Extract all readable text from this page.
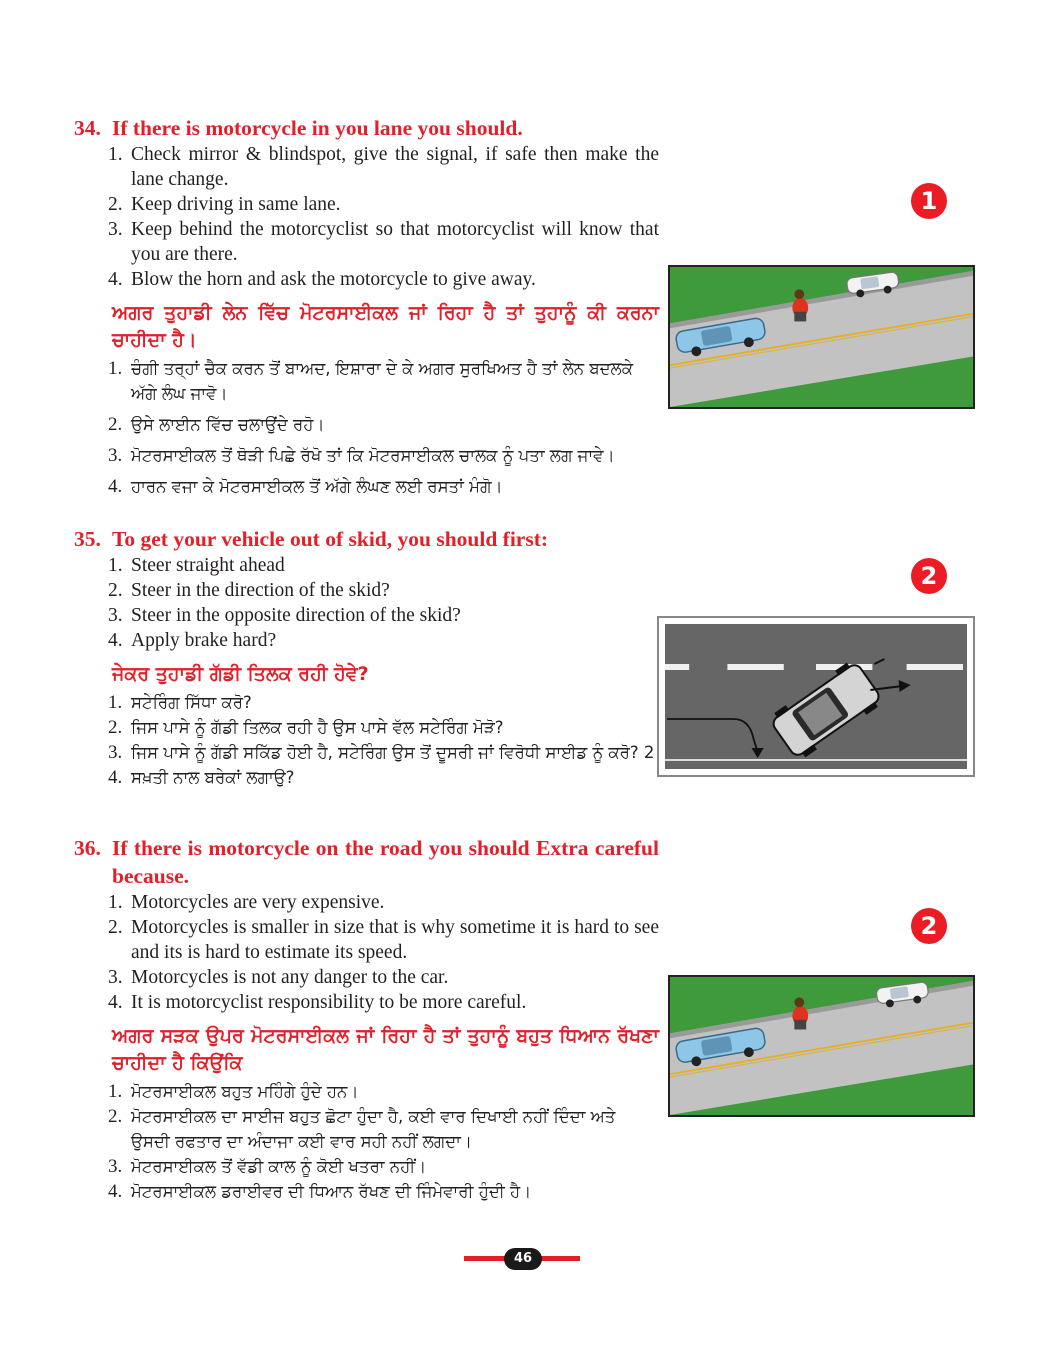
34. If there is motorcycle in you lane you should.

1. Check mirror & blindspot, give the signal, if safe then make the lane change.
2. Keep driving in same lane.
3. Keep behind the motorcyclist so that motorcyclist will know that you are there.
4. Blow the horn and ask the motorcycle to give away.

ਅਗਰ ਤੁਹਾਡੀ ਲੇਨ ਵਿੱਚ ਮੋਟਰਸਾਈਕਲ ਜਾਂ ਰਿਹਾ ਹੈ ਤਾਂ ਤੁਹਾਨੂੰ ਕੀ ਕਰਨਾ ਚਾਹੀਦਾ ਹੈ।

1. ਚੰਗੀ ਤਰ੍ਹਾਂ ਚੈਕ ਕਰਨ ਤੋਂ ਬਾਅਦ, ਇਸ਼ਾਰਾ ਦੇ ਕੇ ਅਗਰ ਸੁਰਖਿਅਤ ਹੈ ਤਾਂ ਲੇਨ ਬਦਲਕੇ ਅੱਗੇ ਲੰਘ ਜਾਵੋ।
2. ਉਸੇ ਲਾਈਨ ਵਿੱਚ ਚਲਾਉਂਦੇ ਰਹੋ।
3. ਮੋਟਰਸਾਈਕਲ ਤੋਂ ਥੋੜੀ ਪਿਛੇ ਰੱਖੋ ਤਾਂ ਕਿ ਮੋਟਰਸਾਈਕਲ ਚਾਲਕ ਨੂੰ ਪਤਾ ਲਗ ਜਾਵੇ।
4. ਹਾਰਨ ਵਜਾ ਕੇ ਮੋਟਰਸਾਈਕਲ ਤੋਂ ਅੱਗੇ ਲੰਘਣ ਲਈ ਰਸਤਾਂ ਮੰਗੋ।
1

35. To get your vehicle out of skid, you should first:

1. Steer straight ahead
2. Steer in the direction of the skid?
3. Steer in the opposite direction of the skid?
4. Apply brake hard?

ਜੇਕਰ ਤੁਹਾਡੀ ਗੱਡੀ ਤਿਲਕ ਰਹੀ ਹੋਵੇ?

1. ਸਟੇਰਿੰਗ ਸਿੱਧਾ ਕਰੋ?
2. ਜਿਸ ਪਾਸੇ ਨੂੰ ਗੱਡੀ ਤਿਲਕ ਰਹੀ ਹੈ ਉਸ ਪਾਸੇ ਵੱਲ ਸਟੇਰਿੰਗ ਮੋੜੋ?
3. ਜਿਸ ਪਾਸੇ ਨੂੰ ਗੱਡੀ ਸਕਿੱਡ ਹੋਈ ਹੈ, ਸਟੇਰਿੰਗ ਉਸ ਤੋਂ ਦੂਸਰੀ ਜਾਂ ਵਿਰੋਧੀ ਸਾਈਡ ਨੂੰ ਕਰੋ? 2
4. ਸਖ਼ਤੀ ਨਾਲ ਬਰੇਕਾਂ ਲਗਾਉ?
2

36. If there is motorcycle on the road you should Extra careful because.

1. Motorcycles are very expensive.
2. Motorcycles is smaller in size that is why sometime it is hard to see and its is hard to estimate its speed.
3. Motorcycles is not any danger to the car.
4. It is motorcyclist responsibility to be more careful.

ਅਗਰ ਸੜਕ ਉਪਰ ਮੋਟਰਸਾਈਕਲ ਜਾਂ ਰਿਹਾ ਹੈ ਤਾਂ ਤੁਹਾਨੂੰ ਬਹੁਤ ਧਿਆਨ ਰੱਖਣਾ ਚਾਹੀਦਾ ਹੈ ਕਿਉਂਕਿ

1. ਮੋਟਰਸਾਈਕਲ ਬਹੁਤ ਮਹਿੰਗੇ ਹੁੰਦੇ ਹਨ।
2. ਮੋਟਰਸਾਈਕਲ ਦਾ ਸਾਈਜ ਬਹੁਤ ਛੋਟਾ ਹੁੰਦਾ ਹੈ, ਕਈ ਵਾਰ ਦਿਖਾਈ ਨਹੀਂ ਦਿੰਦਾ ਅਤੇ ਉਸਦੀ ਰਫਤਾਰ ਦਾ ਅੰਦਾਜਾ ਕਈ ਵਾਰ ਸਹੀ ਨਹੀਂ ਲਗਦਾ।
3. ਮੋਟਰਸਾਈਕਲ ਤੋਂ ਵੱਡੀ ਕਾਲ ਨੂੰ ਕੋਈ ਖਤਰਾ ਨਹੀਂ।
4. ਮੋਟਰਸਾਈਕਲ ਡਰਾਈਵਰ ਦੀ ਧਿਆਨ ਰੱਖਣ ਦੀ ਜਿੰਮੇਵਾਰੀ ਹੁੰਦੀ ਹੈ।
2
46
